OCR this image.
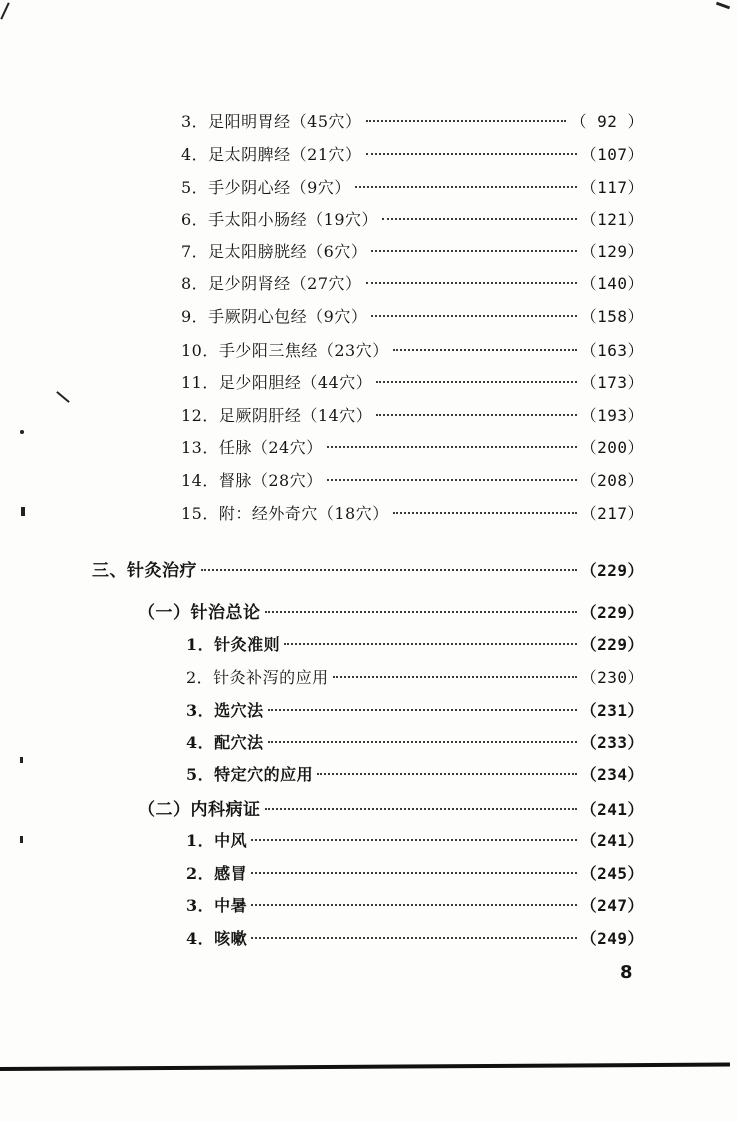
3．足阳明胃经（45穴）	（ 92 ）
4．足太阴脾经（21穴）	（107）
5．手少阴心经（9穴）	（117）
6．手太阳小肠经（19穴）	（121）
7．足太阳膀胱经（6穴）	（129）
8．足少阴肾经（27穴）	（140）
9．手厥阴心包经（9穴）	（158）
10．手少阳三焦经（23穴）	（163）
11．足少阳胆经（44穴）	（173）
12．足厥阴肝经（14穴）	（193）
13．任脉（24穴）	（200）
14．督脉（28穴）	（208）
15．附：经外奇穴（18穴）	（217）
三、针灸治疗	（229）
（一）针治总论	（229）
1．针灸准则	（229）
2．针灸补泻的应用	（230）
3．选穴法	（231）
4．配穴法	（233）
5．特定穴的应用	（234）
（二）内科病证	（241）
1．中风	（241）
2．感冒	（245）
3．中暑	（247）
4．咳嗽	（249）
8
